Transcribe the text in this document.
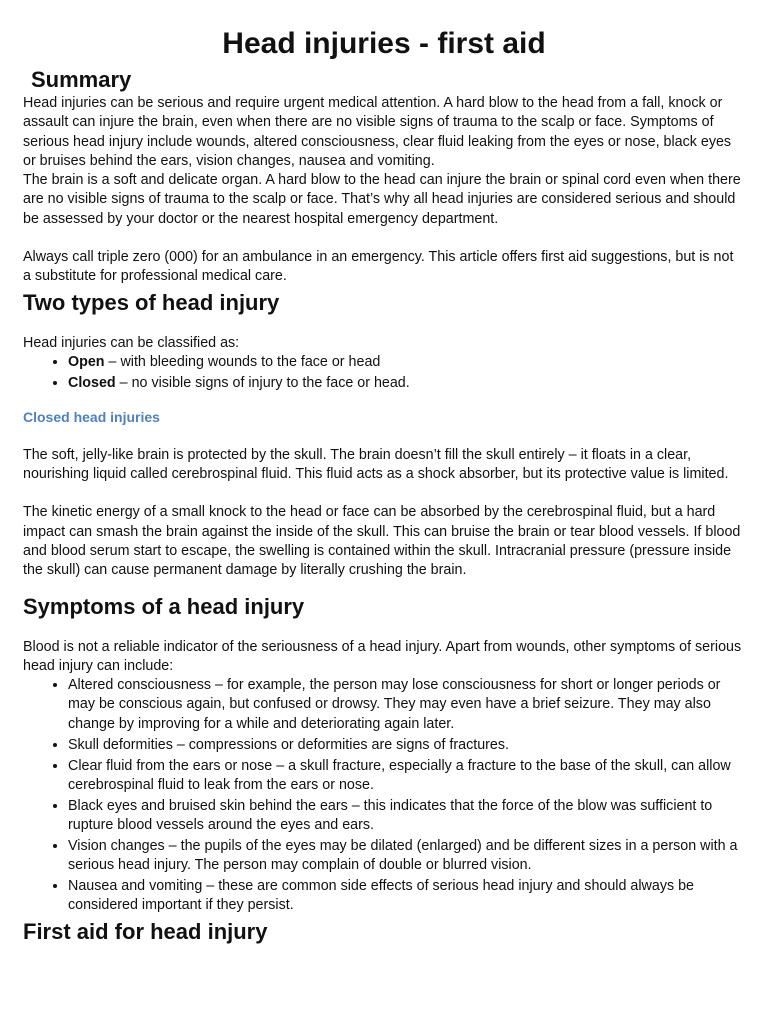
Head injuries - first aid
Summary

Head injuries can be serious and require urgent medical attention. A hard blow to the head from a fall, knock or assault can injure the brain, even when there are no visible signs of trauma to the scalp or face. Symptoms of serious head injury include wounds, altered consciousness, clear fluid leaking from the eyes or nose, black eyes or bruises behind the ears, vision changes, nausea and vomiting.

The brain is a soft and delicate organ. A hard blow to the head can injure the brain or spinal cord even when there are no visible signs of trauma to the scalp or face. That’s why all head injuries are considered serious and should be assessed by your doctor or the nearest hospital emergency department.

Always call triple zero (000) for an ambulance in an emergency. This article offers first aid suggestions, but is not a substitute for professional medical care.

Two types of head injury

Head injuries can be classified as:

• Open – with bleeding wounds to the face or head
• Closed – no visible signs of injury to the face or head.
Closed head injuries

The soft, jelly-like brain is protected by the skull. The brain doesn’t fill the skull entirely – it floats in a clear, nourishing liquid called cerebrospinal fluid. This fluid acts as a shock absorber, but its protective value is limited.

The kinetic energy of a small knock to the head or face can be absorbed by the cerebrospinal fluid, but a hard impact can smash the brain against the inside of the skull. This can bruise the brain or tear blood vessels. If blood and blood serum start to escape, the swelling is contained within the skull. Intracranial pressure (pressure inside the skull) can cause permanent damage by literally crushing the brain.

Symptoms of a head injury

Blood is not a reliable indicator of the seriousness of a head injury. Apart from wounds, other symptoms of serious head injury can include:

• Altered consciousness – for example, the person may lose consciousness for short or longer periods or may be conscious again, but confused or drowsy. They may even have a brief seizure. They may also change by improving for a while and deteriorating again later.
• Skull deformities – compressions or deformities are signs of fractures.
• Clear fluid from the ears or nose – a skull fracture, especially a fracture to the base of the skull, can allow cerebrospinal fluid to leak from the ears or nose.
• Black eyes and bruised skin behind the ears – this indicates that the force of the blow was sufficient to rupture blood vessels around the eyes and ears.
• Vision changes – the pupils of the eyes may be dilated (enlarged) and be different sizes in a person with a serious head injury. The person may complain of double or blurred vision.
• Nausea and vomiting – these are common side effects of serious head injury and should always be considered important if they persist.
First aid for head injury
